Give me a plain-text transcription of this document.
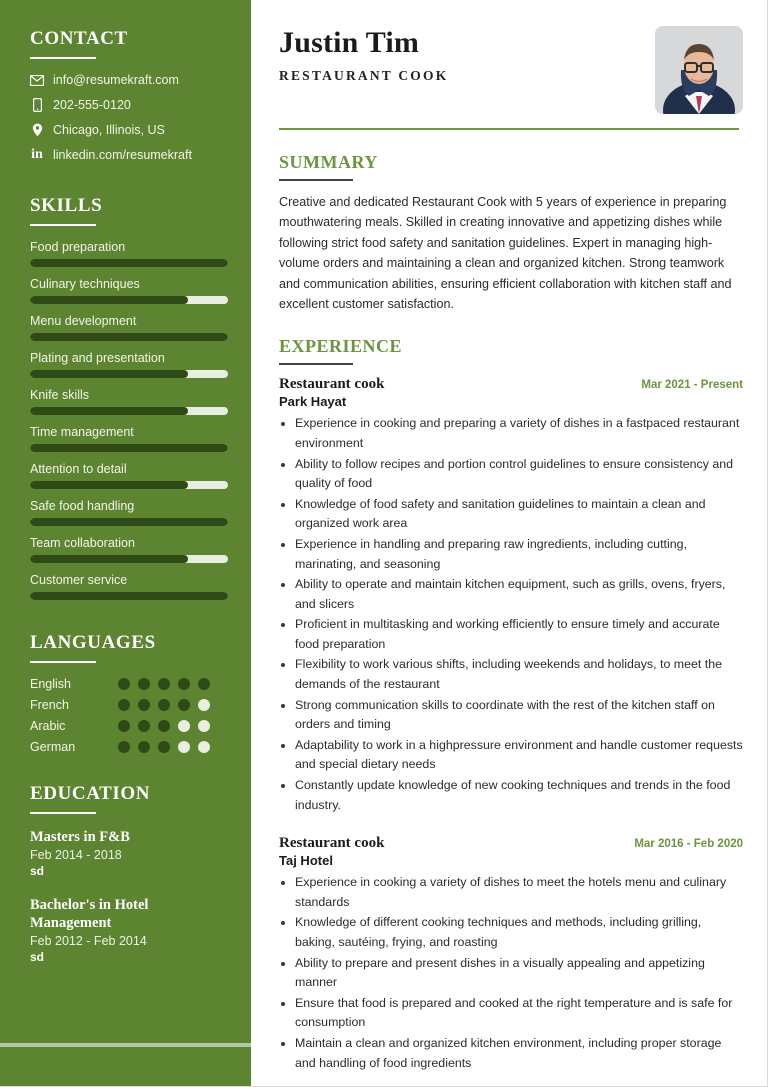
CONTACT
info@resumekraft.com
202-555-0120
Chicago, Illinois, US
in linkedin.com/resumekraft
SKILLS
Food preparation
Culinary techniques
Menu development
Plating and presentation
Knife skills
Time management
Attention to detail
Safe food handling
Team collaboration
Customer service
LANGUAGES
English
French
Arabic
German
EDUCATION
Masters in F&B
Feb 2014 - 2018
sd
Bachelor's in Hotel Management
Feb 2012 - Feb 2014
sd
Justin Tim
RESTAURANT COOK
SUMMARY

Creative and dedicated Restaurant Cook with 5 years of experience in preparing mouthwatering meals. Skilled in creating innovative and appetizing dishes while following strict food safety and sanitation guidelines. Expert in managing high-volume orders and maintaining a clean and organized kitchen. Strong teamwork and communication abilities, ensuring efficient collaboration with kitchen staff and excellent customer satisfaction.

EXPERIENCE
Restaurant cook	Mar 2021 - Present
Park Hayat
Experience in cooking and preparing a variety of dishes in a fastpaced restaurant environment
Ability to follow recipes and portion control guidelines to ensure consistency and quality of food
Knowledge of food safety and sanitation guidelines to maintain a clean and organized work area
Experience in handling and preparing raw ingredients, including cutting, marinating, and seasoning
Ability to operate and maintain kitchen equipment, such as grills, ovens, fryers, and slicers
Proficient in multitasking and working efficiently to ensure timely and accurate food preparation
Flexibility to work various shifts, including weekends and holidays, to meet the demands of the restaurant
Strong communication skills to coordinate with the rest of the kitchen staff on orders and timing
Adaptability to work in a highpressure environment and handle customer requests and special dietary needs
Constantly update knowledge of new cooking techniques and trends in the food industry.
Restaurant cook	Mar 2016 - Feb 2020
Taj Hotel
Experience in cooking a variety of dishes to meet the hotels menu and culinary standards
Knowledge of different cooking techniques and methods, including grilling, baking, sautéing, frying, and roasting
Ability to prepare and present dishes in a visually appealing and appetizing manner
Ensure that food is prepared and cooked at the right temperature and is safe for consumption
Maintain a clean and organized kitchen environment, including proper storage and handling of food ingredients
